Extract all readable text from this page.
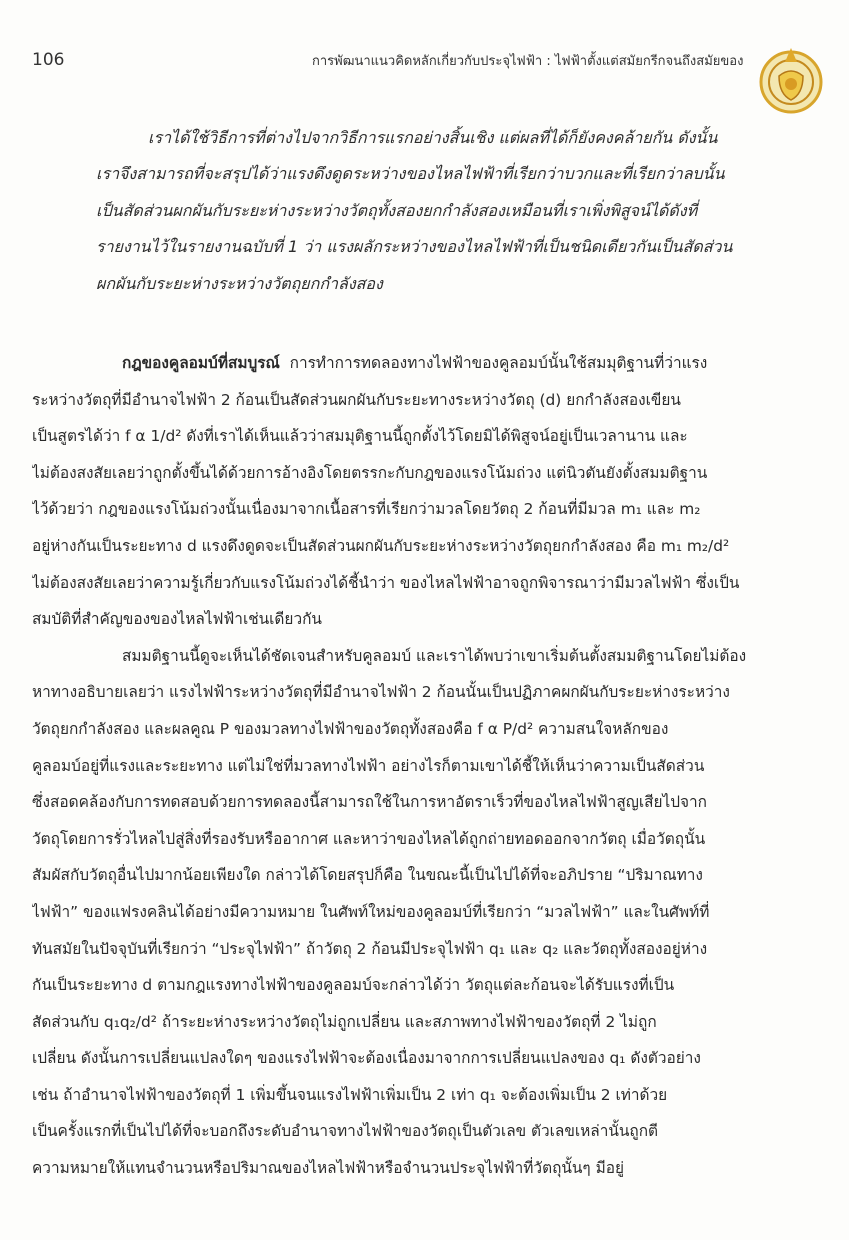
106	การพัฒนาแนวคิดหลักเกี่ยวกับประจุไฟฟ้า : ไฟฟ้าตั้งแต่สมัยกรีกจนถึงสมัยของ
เราได้ใช้วิธีการที่ต่างไปจากวิธีการแรกอย่างสิ้นเชิง แต่ผลที่ได้ก็ยังคงคล้ายกัน ดังนั้น
เราจึงสามารถที่จะสรุปได้ว่าแรงดึงดูดระหว่างของไหลไฟฟ้าที่เรียกว่าบวกและที่เรียกว่าลบนั้น
เป็นสัดส่วนผกผันกับระยะห่างระหว่างวัตถุทั้งสองยกกำลังสองเหมือนที่เราเพิ่งพิสูจน์ได้ดังที่
รายงานไว้ในรายงานฉบับที่ 1 ว่า แรงผลักระหว่างของไหลไฟฟ้าที่เป็นชนิดเดียวกันเป็นสัดส่วน
ผกผันกับระยะห่างระหว่างวัตถุยกกำลังสอง
กฎของคูลอมบ์ที่สมบูรณ์ การทำการทดลองทางไฟฟ้าของคูลอมบ์นั้นใช้สมมุติฐานที่ว่าแรง
ระหว่างวัตถุที่มีอำนาจไฟฟ้า 2 ก้อนเป็นสัดส่วนผกผันกับระยะทางระหว่างวัตถุ (d) ยกกำลังสองเขียน
เป็นสูตรได้ว่า f α 1/d² ดังที่เราได้เห็นแล้วว่าสมมุติฐานนี้ถูกตั้งไว้โดยมิได้พิสูจน์อยู่เป็นเวลานาน และ
ไม่ต้องสงสัยเลยว่าถูกตั้งขึ้นได้ด้วยการอ้างอิงโดยตรรกะกับกฎของแรงโน้มถ่วง แต่นิวตันยังตั้งสมมติฐาน
ไว้ด้วยว่า กฎของแรงโน้มถ่วงนั้นเนื่องมาจากเนื้อสารที่เรียกว่ามวลโดยวัตถุ 2 ก้อนที่มีมวล m₁ และ m₂
อยู่ห่างกันเป็นระยะทาง d แรงดึงดูดจะเป็นสัดส่วนผกผันกับระยะห่างระหว่างวัตถุยกกำลังสอง คือ m₁ m₂/d²
ไม่ต้องสงสัยเลยว่าความรู้เกี่ยวกับแรงโน้มถ่วงได้ชี้นำว่า ของไหลไฟฟ้าอาจถูกพิจารณาว่ามีมวลไฟฟ้า ซึ่งเป็น
สมบัติที่สำคัญของของไหลไฟฟ้าเช่นเดียวกัน
สมมติฐานนี้ดูจะเห็นได้ชัดเจนสำหรับคูลอมบ์ และเราได้พบว่าเขาเริ่มต้นตั้งสมมติฐานโดยไม่ต้อง
หาทางอธิบายเลยว่า แรงไฟฟ้าระหว่างวัตถุที่มีอำนาจไฟฟ้า 2 ก้อนนั้นเป็นปฏิภาคผกผันกับระยะห่างระหว่าง
วัตถุยกกำลังสอง และผลคูณ P ของมวลทางไฟฟ้าของวัตถุทั้งสองคือ f α P/d² ความสนใจหลักของ
คูลอมบ์อยู่ที่แรงและระยะทาง แต่ไม่ใช่ที่มวลทางไฟฟ้า อย่างไรก็ตามเขาได้ชี้ให้เห็นว่าความเป็นสัดส่วน
ซึ่งสอดคล้องกับการทดสอบด้วยการทดลองนี้สามารถใช้ในการหาอัตราเร็วที่ของไหลไฟฟ้าสูญเสียไปจาก
วัตถุโดยการรั่วไหลไปสู่สิ่งที่รองรับหรืออากาศ และหาว่าของไหลได้ถูกถ่ายทอดออกจากวัตถุ เมื่อวัตถุนั้น
สัมผัสกับวัตถุอื่นไปมากน้อยเพียงใด กล่าวได้โดยสรุปก็คือ ในขณะนี้เป็นไปได้ที่จะอภิปราย “ปริมาณทาง
ไฟฟ้า” ของแฟรงคลินได้อย่างมีความหมาย ในศัพท์ใหม่ของคูลอมบ์ที่เรียกว่า “มวลไฟฟ้า” และในศัพท์ที่
ทันสมัยในปัจจุบันที่เรียกว่า “ประจุไฟฟ้า” ถ้าวัตถุ 2 ก้อนมีประจุไฟฟ้า q₁ และ q₂ และวัตถุทั้งสองอยู่ห่าง
กันเป็นระยะทาง d ตามกฎแรงทางไฟฟ้าของคูลอมบ์จะกล่าวได้ว่า วัตถุแต่ละก้อนจะได้รับแรงที่เป็น
สัดส่วนกับ q₁q₂/d² ถ้าระยะห่างระหว่างวัตถุไม่ถูกเปลี่ยน และสภาพทางไฟฟ้าของวัตถุที่ 2 ไม่ถูก
เปลี่ยน ดังนั้นการเปลี่ยนแปลงใดๆ ของแรงไฟฟ้าจะต้องเนื่องมาจากการเปลี่ยนแปลงของ q₁ ดังตัวอย่าง
เช่น ถ้าอำนาจไฟฟ้าของวัตถุที่ 1 เพิ่มขึ้นจนแรงไฟฟ้าเพิ่มเป็น 2 เท่า q₁ จะต้องเพิ่มเป็น 2 เท่าด้วย
เป็นครั้งแรกที่เป็นไปได้ที่จะบอกถึงระดับอำนาจทางไฟฟ้าของวัตถุเป็นตัวเลข ตัวเลขเหล่านั้นถูกตี
ความหมายให้แทนจำนวนหรือปริมาณของไหลไฟฟ้าหรือจำนวนประจุไฟฟ้าที่วัตถุนั้นๆ มีอยู่
